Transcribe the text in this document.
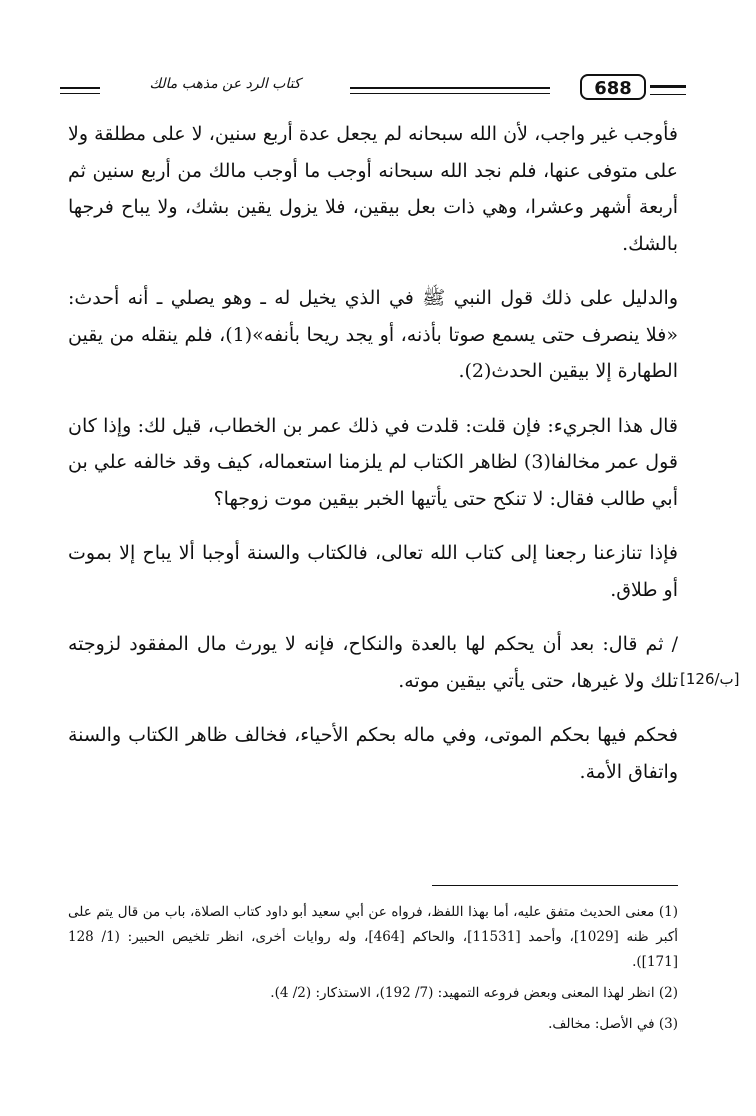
كتاب الرد عن مذهب مالك	688

فأوجب غير واجب، لأن الله سبحانه لم يجعل عدة أربع سنين، لا على مطلقة ولا على متوفى عنها، فلم نجد الله سبحانه أوجب ما أوجب مالك من أربع سنين ثم أربعة أشهر وعشرا، وهي ذات بعل بيقين، فلا يزول يقين بشك، ولا يباح فرجها بالشك.

والدليل على ذلك قول النبي ﷺ في الذي يخيل له ـ وهو يصلي ـ أنه أحدث: «فلا ينصرف حتى يسمع صوتا بأذنه، أو يجد ريحا بأنفه»(1)، فلم ينقله من يقين الطهارة إلا بيقين الحدث(2).

قال هذا الجريء: فإن قلت: قلدت في ذلك عمر بن الخطاب، قيل لك: وإذا كان قول عمر مخالفا(3) لظاهر الكتاب لم يلزمنا استعماله، كيف وقد خالفه علي بن أبي طالب فقال: لا تنكح حتى يأتيها الخبر بيقين موت زوجها؟

فإذا تنازعنا رجعنا إلى كتاب الله تعالى، فالكتاب والسنة أوجبا ألا يباح إلا بموت أو طلاق.

/ ثم قال: بعد أن يحكم لها بالعدة والنكاح، فإنه لا يورث مال المفقود لزوجته تلك ولا غيرها، حتى يأتي بيقين موته.

فحكم فيها بحكم الموتى، وفي ماله بحكم الأحياء، فخالف ظاهر الكتاب والسنة واتفاق الأمة.

[126/ب]

(1) معنى الحديث متفق عليه، أما بهذا اللفظ، فرواه عن أبي سعيد أبو داود كتاب الصلاة، باب من قال يتم على أكبر ظنه [1029]، وأحمد [11531]، والحاكم [464]، وله روايات أخرى، انظر تلخيص الحبير: (1/ 128 [171]).

(2) انظر لهذا المعنى وبعض فروعه التمهيد: (7/ 192)، الاستذكار: (2/ 4).

(3) في الأصل: مخالف.
